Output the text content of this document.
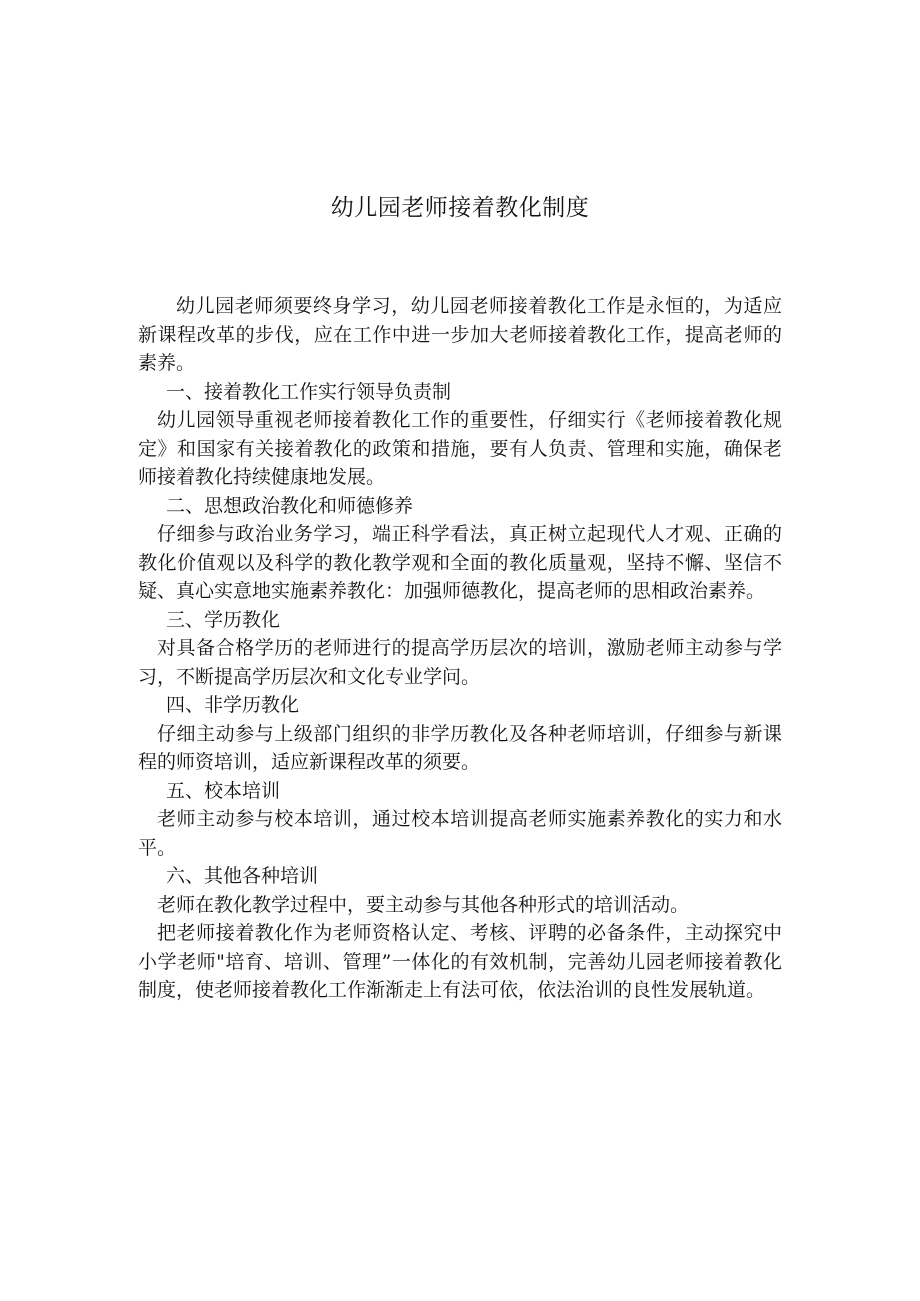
幼儿园老师接着教化制度

幼儿园老师须要终身学习，幼儿园老师接着教化工作是永恒的，为适应新课程改革的步伐，应在工作中进一步加大老师接着教化工作，提高老师的素养。

一、接着教化工作实行领导负责制

幼儿园领导重视老师接着教化工作的重要性，仔细实行《老师接着教化规定》和国家有关接着教化的政策和措施，要有人负责、管理和实施，确保老师接着教化持续健康地发展。

二、思想政治教化和师德修养

仔细参与政治业务学习，端正科学看法，真正树立起现代人才观、正确的教化价值观以及科学的教化教学观和全面的教化质量观，坚持不懈、坚信不疑、真心实意地实施素养教化：加强师德教化，提高老师的思相政治素养。

三、学历教化

对具备合格学历的老师进行的提高学历层次的培训，激励老师主动参与学习，不断提高学历层次和文化专业学问。

四、非学历教化

仔细主动参与上级部门组织的非学历教化及各种老师培训，仔细参与新课程的师资培训，适应新课程改革的须要。

五、校本培训

老师主动参与校本培训，通过校本培训提高老师实施素养教化的实力和水平。

六、其他各种培训

老师在教化教学过程中，要主动参与其他各种形式的培训活动。

把老师接着教化作为老师资格认定、考核、评聘的必备条件，主动探究中小学老师"培育、培训、管理”一体化的有效机制，完善幼儿园老师接着教化制度，使老师接着教化工作渐渐走上有法可依，依法治训的良性发展轨道。
